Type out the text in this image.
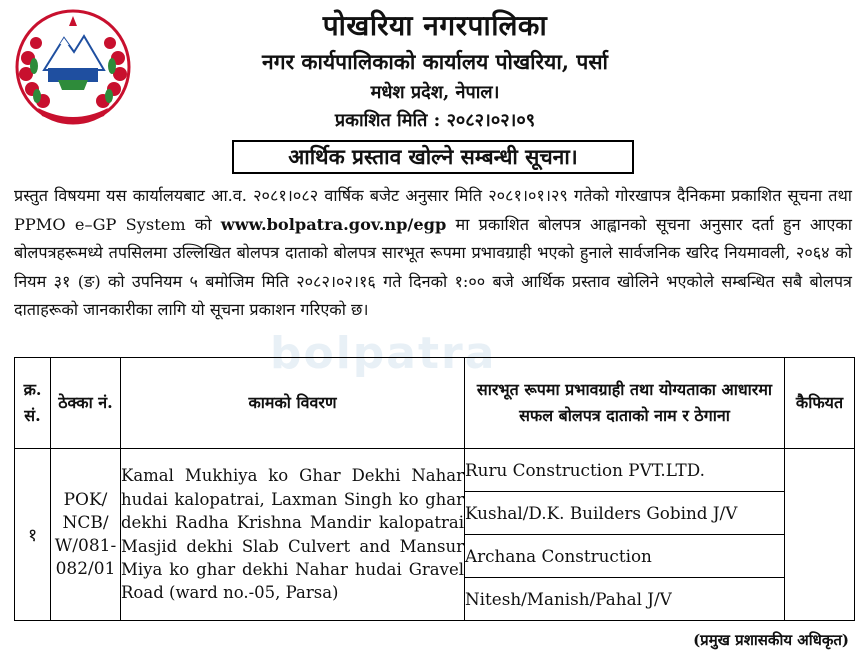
पोखरिया नगरपालिका
नगर कार्यपालिकाको कार्यालय पोखरिया, पर्सा
मधेश प्रदेश, नेपाल।
प्रकाशित मिति : २०८२।०२।०९
आर्थिक प्रस्ताव खोल्ने सम्बन्धी सूचना।
प्रस्तुत विषयमा यस कार्यालयबाट आ.व. २०८१।०८२ वार्षिक बजेट अनुसार मिति २०८१।०१।२९ गतेको गोरखापत्र दैनिकमा प्रकाशित सूचना तथा PPMO e–GP System को www.bolpatra.gov.np/egp मा प्रकाशित बोलपत्र आह्वानको सूचना अनुसार दर्ता हुन आएका बोलपत्रहरूमध्ये तपसिलमा उल्लिखित बोलपत्र दाताको बोलपत्र सारभूत रूपमा प्रभावग्राही भएको हुनाले सार्वजनिक खरिद नियमावली, २०६४ को नियम ३१ (ङ) को उपनियम ५ बमोजिम मिति २०८२।०२।१६ गते दिनको १:०० बजे आर्थिक प्रस्ताव खोलिने भएकोले सम्बन्धित सबै बोलपत्र दाताहरूको जानकारीका लागि यो सूचना प्रकाशन गरिएको छ।
bolpatra
क्र. सं.	ठेक्का नं.	कामको विवरण	सारभूत रूपमा प्रभावग्राही तथा योग्यताका आधारमा सफल बोलपत्र दाताको नाम र ठेगाना	कैफियत
१	POK/ NCB/ W/081- 082/01	Kamal Mukhiya ko Ghar Dekhi Nahar hudai kalopatrai, Laxman Singh ko ghar dekhi Radha Krishna Mandir kalopatrai Masjid dekhi Slab Culvert and Mansur Miya ko ghar dekhi Nahar hudai Gravel Road (ward no.-05, Parsa)	Ruru Construction PVT.LTD.	
			Kushal/D.K. Builders Gobind J/V	
			Archana Construction	
			Nitesh/Manish/Pahal J/V	
(प्रमुख प्रशासकीय अधिकृत)
